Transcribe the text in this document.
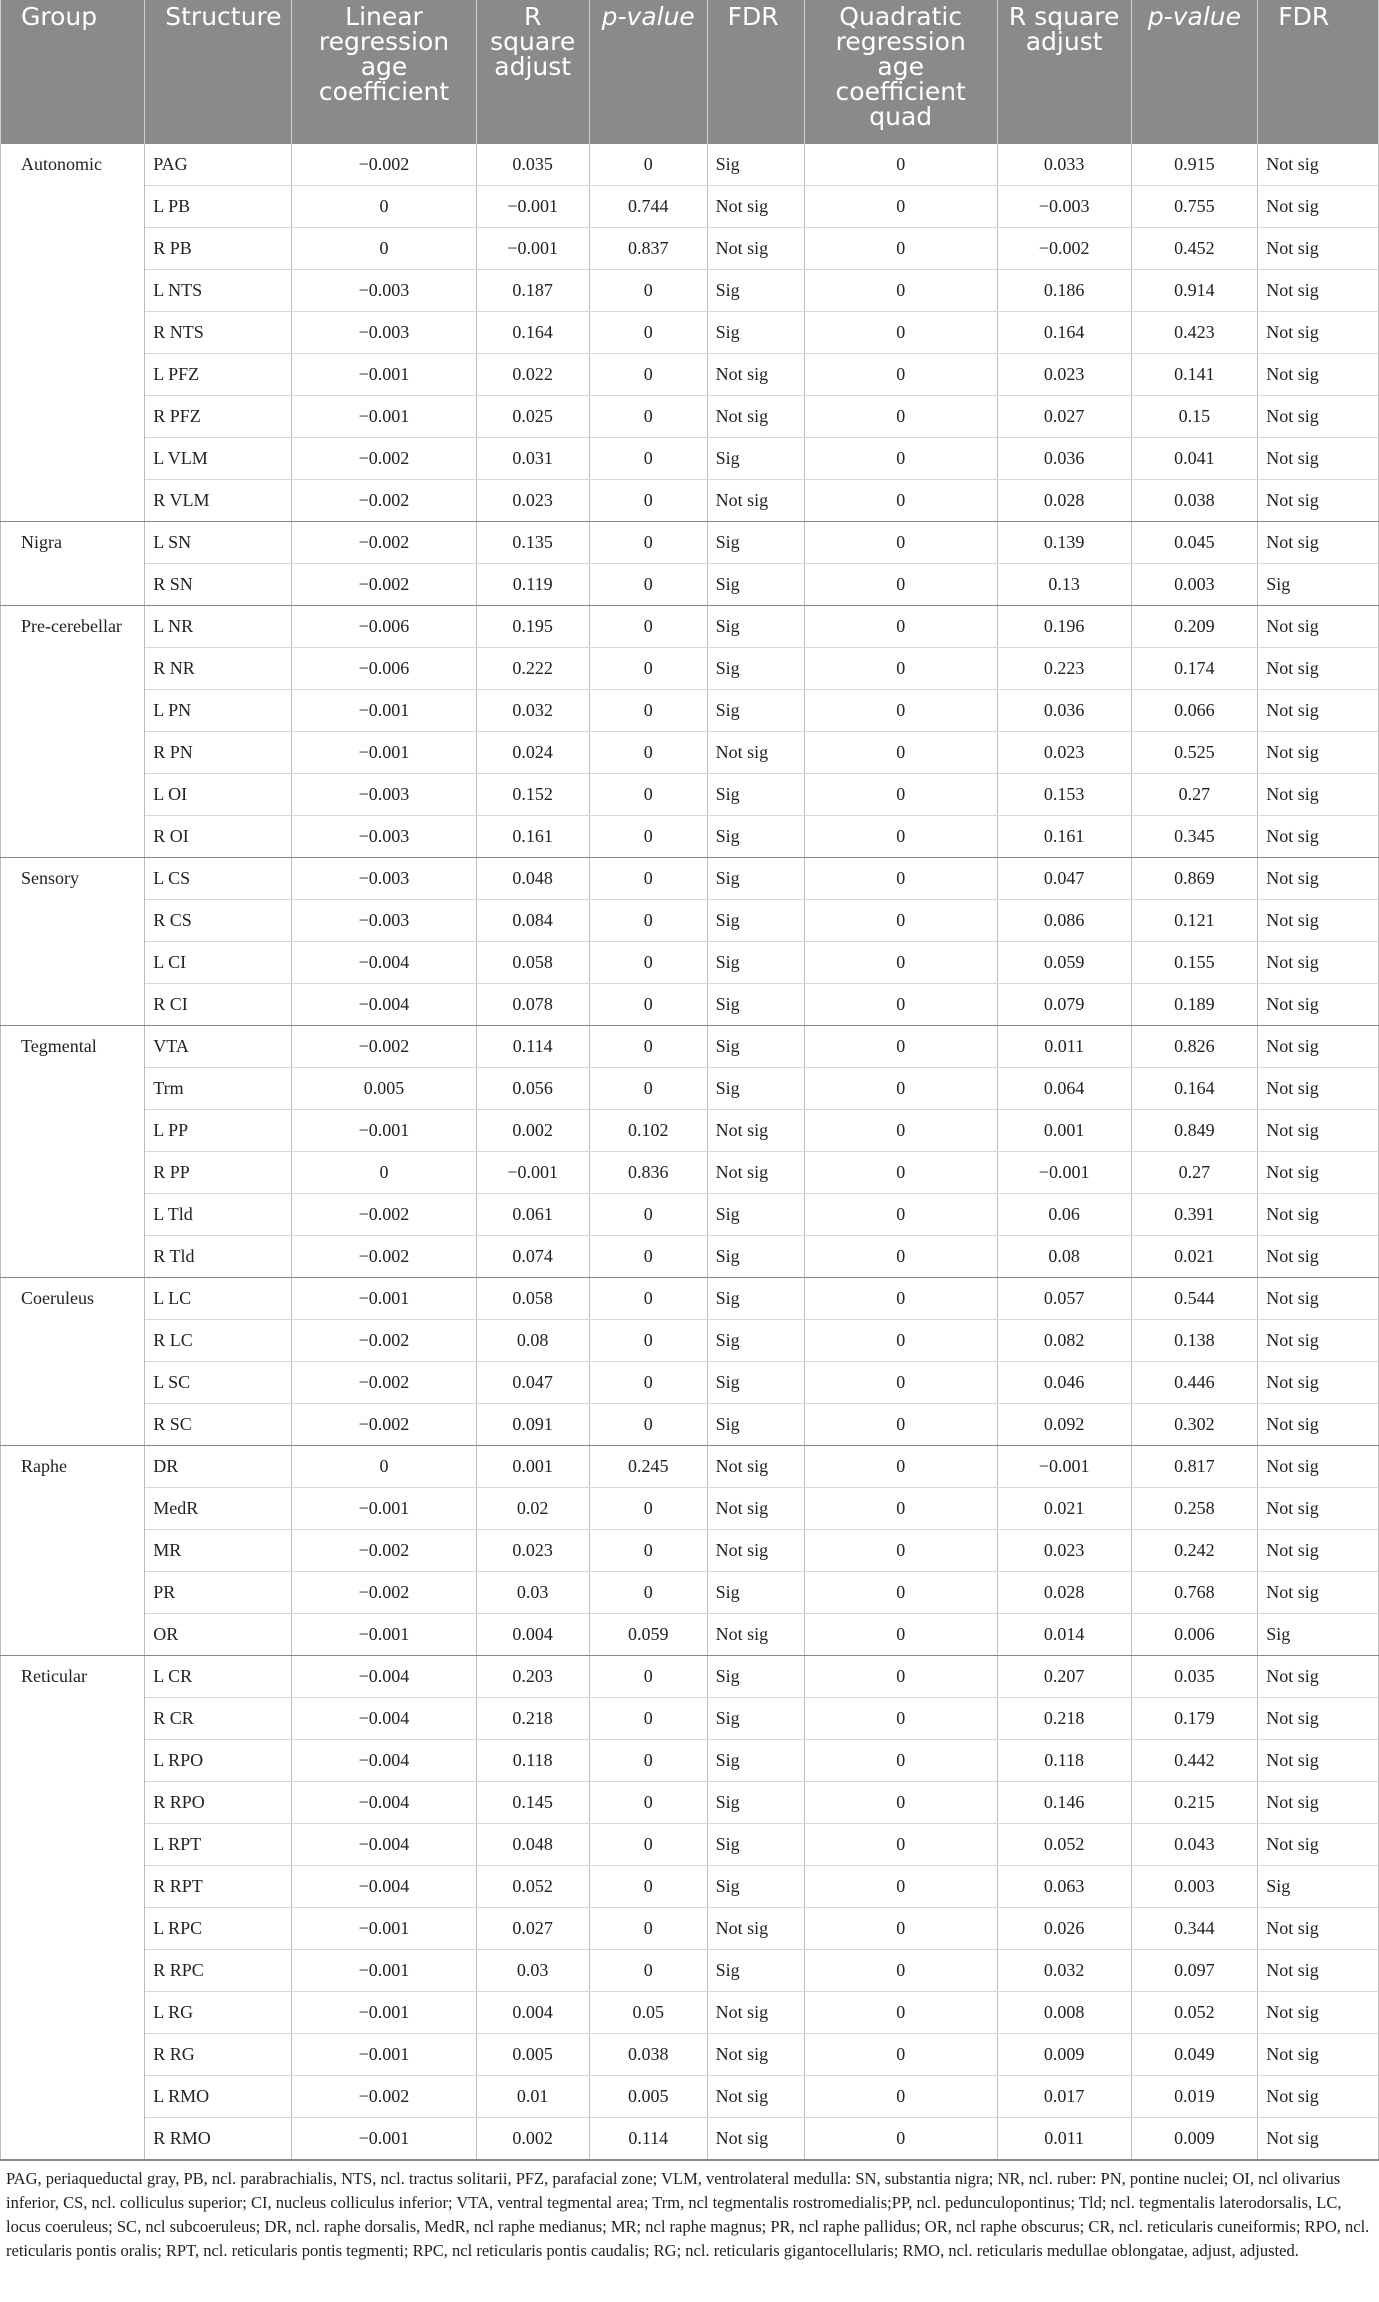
Group	Structure	Linear regression age coefficient	R square adjust	p-value	FDR	Quadratic regression age coefficient quad	R square adjust	p-value	FDR
Autonomic	PAG	−0.002	0.035	0	Sig	0	0.033	0.915	Not sig
	L PB	0	−0.001	0.744	Not sig	0	−0.003	0.755	Not sig
	R PB	0	−0.001	0.837	Not sig	0	−0.002	0.452	Not sig
	L NTS	−0.003	0.187	0	Sig	0	0.186	0.914	Not sig
	R NTS	−0.003	0.164	0	Sig	0	0.164	0.423	Not sig
	L PFZ	−0.001	0.022	0	Not sig	0	0.023	0.141	Not sig
	R PFZ	−0.001	0.025	0	Not sig	0	0.027	0.15	Not sig
	L VLM	−0.002	0.031	0	Sig	0	0.036	0.041	Not sig
	R VLM	−0.002	0.023	0	Not sig	0	0.028	0.038	Not sig
Nigra	L SN	−0.002	0.135	0	Sig	0	0.139	0.045	Not sig
	R SN	−0.002	0.119	0	Sig	0	0.13	0.003	Sig
Pre-cerebellar	L NR	−0.006	0.195	0	Sig	0	0.196	0.209	Not sig
	R NR	−0.006	0.222	0	Sig	0	0.223	0.174	Not sig
	L PN	−0.001	0.032	0	Sig	0	0.036	0.066	Not sig
	R PN	−0.001	0.024	0	Not sig	0	0.023	0.525	Not sig
	L OI	−0.003	0.152	0	Sig	0	0.153	0.27	Not sig
	R OI	−0.003	0.161	0	Sig	0	0.161	0.345	Not sig
Sensory	L CS	−0.003	0.048	0	Sig	0	0.047	0.869	Not sig
	R CS	−0.003	0.084	0	Sig	0	0.086	0.121	Not sig
	L CI	−0.004	0.058	0	Sig	0	0.059	0.155	Not sig
	R CI	−0.004	0.078	0	Sig	0	0.079	0.189	Not sig
Tegmental	VTA	−0.002	0.114	0	Sig	0	0.011	0.826	Not sig
	Trm	0.005	0.056	0	Sig	0	0.064	0.164	Not sig
	L PP	−0.001	0.002	0.102	Not sig	0	0.001	0.849	Not sig
	R PP	0	−0.001	0.836	Not sig	0	−0.001	0.27	Not sig
	L Tld	−0.002	0.061	0	Sig	0	0.06	0.391	Not sig
	R Tld	−0.002	0.074	0	Sig	0	0.08	0.021	Not sig
Coeruleus	L LC	−0.001	0.058	0	Sig	0	0.057	0.544	Not sig
	R LC	−0.002	0.08	0	Sig	0	0.082	0.138	Not sig
	L SC	−0.002	0.047	0	Sig	0	0.046	0.446	Not sig
	R SC	−0.002	0.091	0	Sig	0	0.092	0.302	Not sig
Raphe	DR	0	0.001	0.245	Not sig	0	−0.001	0.817	Not sig
	MedR	−0.001	0.02	0	Not sig	0	0.021	0.258	Not sig
	MR	−0.002	0.023	0	Not sig	0	0.023	0.242	Not sig
	PR	−0.002	0.03	0	Sig	0	0.028	0.768	Not sig
	OR	−0.001	0.004	0.059	Not sig	0	0.014	0.006	Sig
Reticular	L CR	−0.004	0.203	0	Sig	0	0.207	0.035	Not sig
	R CR	−0.004	0.218	0	Sig	0	0.218	0.179	Not sig
	L RPO	−0.004	0.118	0	Sig	0	0.118	0.442	Not sig
	R RPO	−0.004	0.145	0	Sig	0	0.146	0.215	Not sig
	L RPT	−0.004	0.048	0	Sig	0	0.052	0.043	Not sig
	R RPT	−0.004	0.052	0	Sig	0	0.063	0.003	Sig
	L RPC	−0.001	0.027	0	Not sig	0	0.026	0.344	Not sig
	R RPC	−0.001	0.03	0	Sig	0	0.032	0.097	Not sig
	L RG	−0.001	0.004	0.05	Not sig	0	0.008	0.052	Not sig
	R RG	−0.001	0.005	0.038	Not sig	0	0.009	0.049	Not sig
	L RMO	−0.002	0.01	0.005	Not sig	0	0.017	0.019	Not sig
	R RMO	−0.001	0.002	0.114	Not sig	0	0.011	0.009	Not sig
PAG, periaqueductal gray, PB, ncl. parabrachialis, NTS, ncl. tractus solitarii, PFZ, parafacial zone; VLM, ventrolateral medulla: SN, substantia nigra; NR, ncl. ruber: PN, pontine nuclei; OI, ncl olivarius inferior, CS, ncl. colliculus superior; CI, nucleus colliculus inferior; VTA, ventral tegmental area; Trm, ncl tegmentalis rostromedialis;PP, ncl. pedunculopontinus; Tld; ncl. tegmentalis laterodorsalis, LC, locus coeruleus; SC, ncl subcoeruleus; DR, ncl. raphe dorsalis, MedR, ncl raphe medianus; MR; ncl raphe magnus; PR, ncl raphe pallidus; OR, ncl raphe obscurus; CR, ncl. reticularis cuneiformis; RPO, ncl. reticularis pontis oralis; RPT, ncl. reticularis pontis tegmenti; RPC, ncl reticularis pontis caudalis; RG; ncl. reticularis gigantocellularis; RMO, ncl. reticularis medullae oblongatae, adjust, adjusted.
